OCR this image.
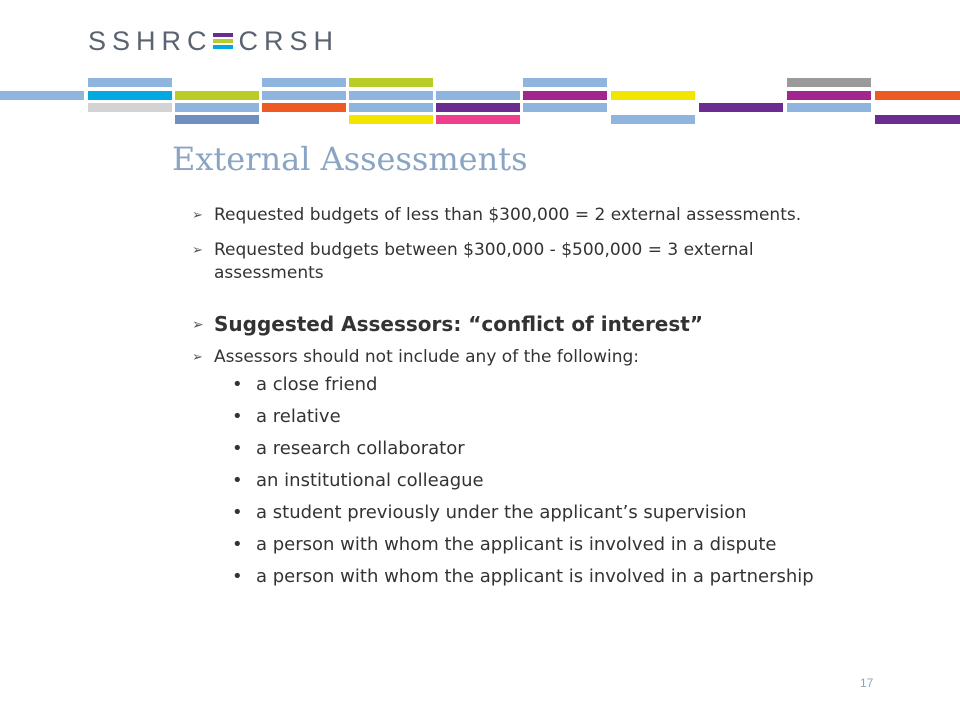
SSHRC CRSH
External Assessments
➢ Requested budgets of less than $300,000 = 2 external assessments.
➢ Requested budgets between $300,000 - $500,000 = 3 external assessments
➢ Suggested Assessors: “conflict of interest”
➢ Assessors should not include any of the following:
• a close friend
• a relative
• a research collaborator
• an institutional colleague
• a student previously under the applicant’s supervision
• a person with whom the applicant is involved in a dispute
• a person with whom the applicant is involved in a partnership
17
